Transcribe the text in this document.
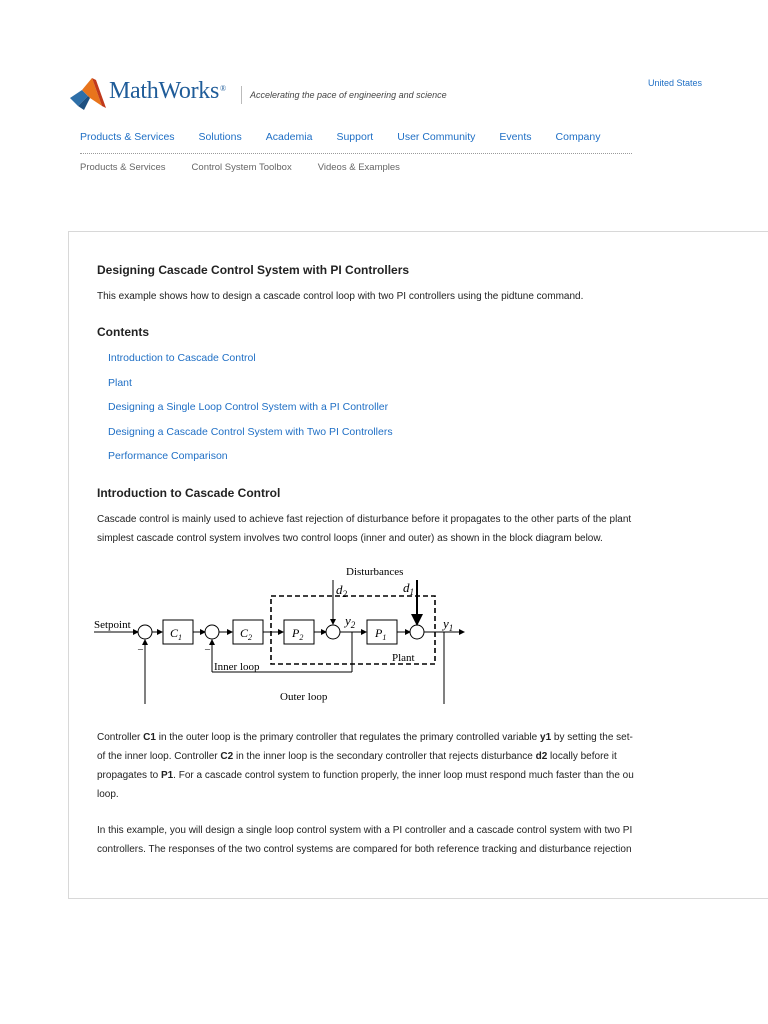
MathWorks®
Accelerating the pace of engineering and science
United States
Products & Services Solutions Academia Support User Community Events Company
Products & Services	Control System Toolbox	Videos & Examples
Designing Cascade Control System with PI Controllers
This example shows how to design a cascade control loop with two PI controllers using the pidtune command.
Contents
Introduction to Cascade Control
Plant
Designing a Single Loop Control System with a PI Controller
Designing a Cascade Control System with Two PI Controllers
Performance Comparison
Introduction to Cascade Control
Cascade control is mainly used to achieve fast rejection of disturbance before it propagates to the other parts of the plant
simplest cascade control system involves two control loops (inner and outer) as shown in the block diagram below.
Disturbances
Setpoint
$C_1$	$C_2$	$P_2$	$P_1$
$d_2$	$d_1$
$y_2$	$y_1$
Plant
Inner loop
Outer loop
–	–
Controller C1 in the outer loop is the primary controller that regulates the primary controlled variable y1 by setting the set-
of the inner loop. Controller C2 in the inner loop is the secondary controller that rejects disturbance d2 locally before it
propagates to P1. For a cascade control system to function properly, the inner loop must respond much faster than the ou
loop.
In this example, you will design a single loop control system with a PI controller and a cascade control system with two PI
controllers. The responses of the two control systems are compared for both reference tracking and disturbance rejection
